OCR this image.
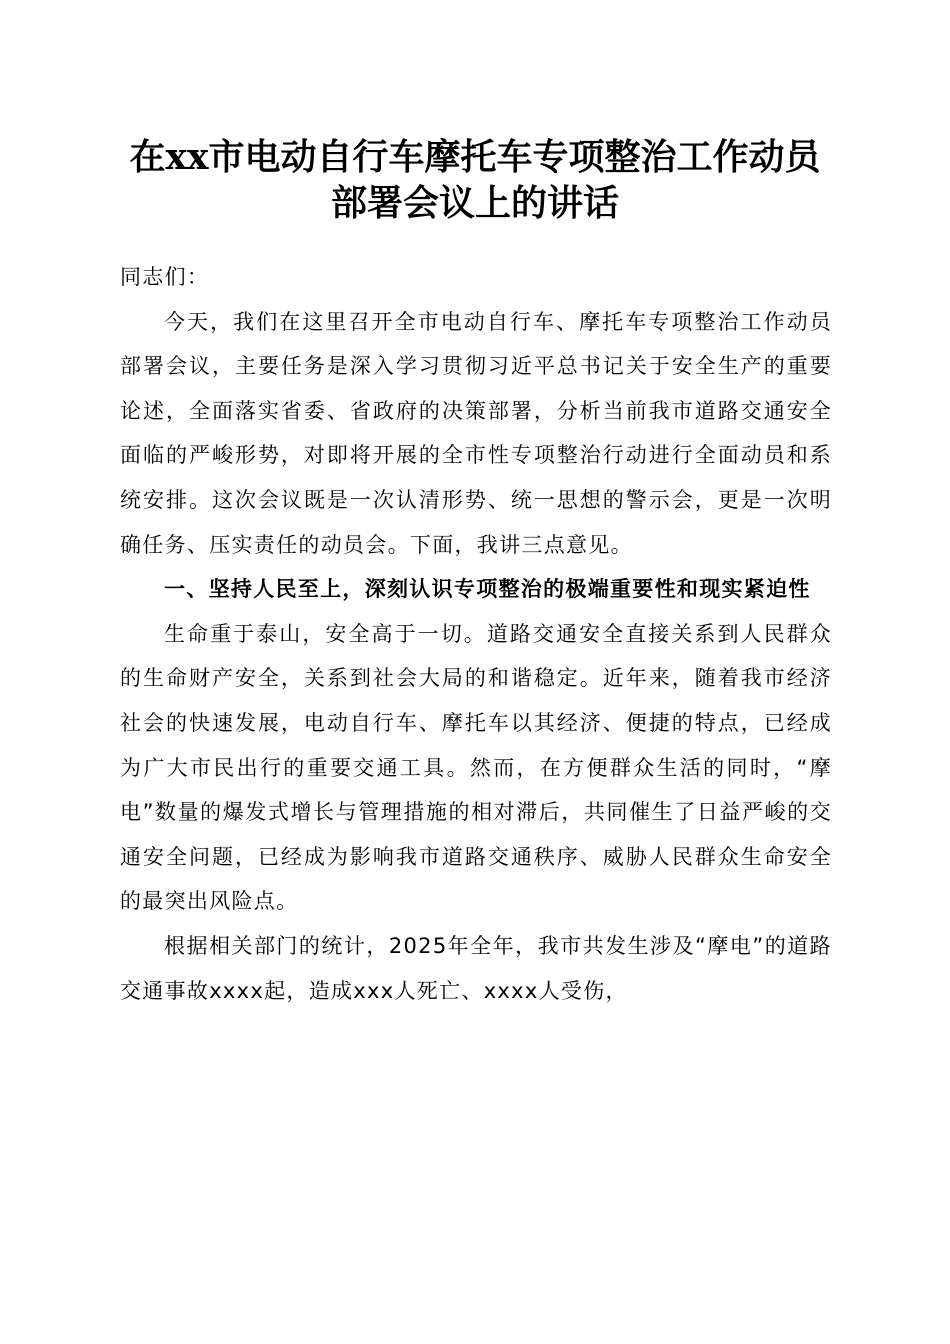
在xx市电动自行车摩托车专项整治工作动员
部署会议上的讲话

同志们：

今天，我们在这里召开全市电动自行车、摩托车专项整治工作动员部署会议，主要任务是深入学习贯彻习近平总书记关于安全生产的重要论述，全面落实省委、省政府的决策部署，分析当前我市道路交通安全面临的严峻形势，对即将开展的全市性专项整治行动进行全面动员和系统安排。这次会议既是一次认清形势、统一思想的警示会，更是一次明确任务、压实责任的动员会。下面，我讲三点意见。

一、坚持人民至上，深刻认识专项整治的极端重要性和现实紧迫性

生命重于泰山，安全高于一切。道路交通安全直接关系到人民群众的生命财产安全，关系到社会大局的和谐稳定。近年来，随着我市经济社会的快速发展，电动自行车、摩托车以其经济、便捷的特点，已经成为广大市民出行的重要交通工具。然而，在方便群众生活的同时，“摩电”数量的爆发式增长与管理措施的相对滞后，共同催生了日益严峻的交通安全问题，已经成为影响我市道路交通秩序、威胁人民群众生命安全的最突出风险点。

根据相关部门的统计，2025年全年，我市共发生涉及“摩电”的道路交通事故xxxx起，造成xxx人死亡、xxxx人受伤，
